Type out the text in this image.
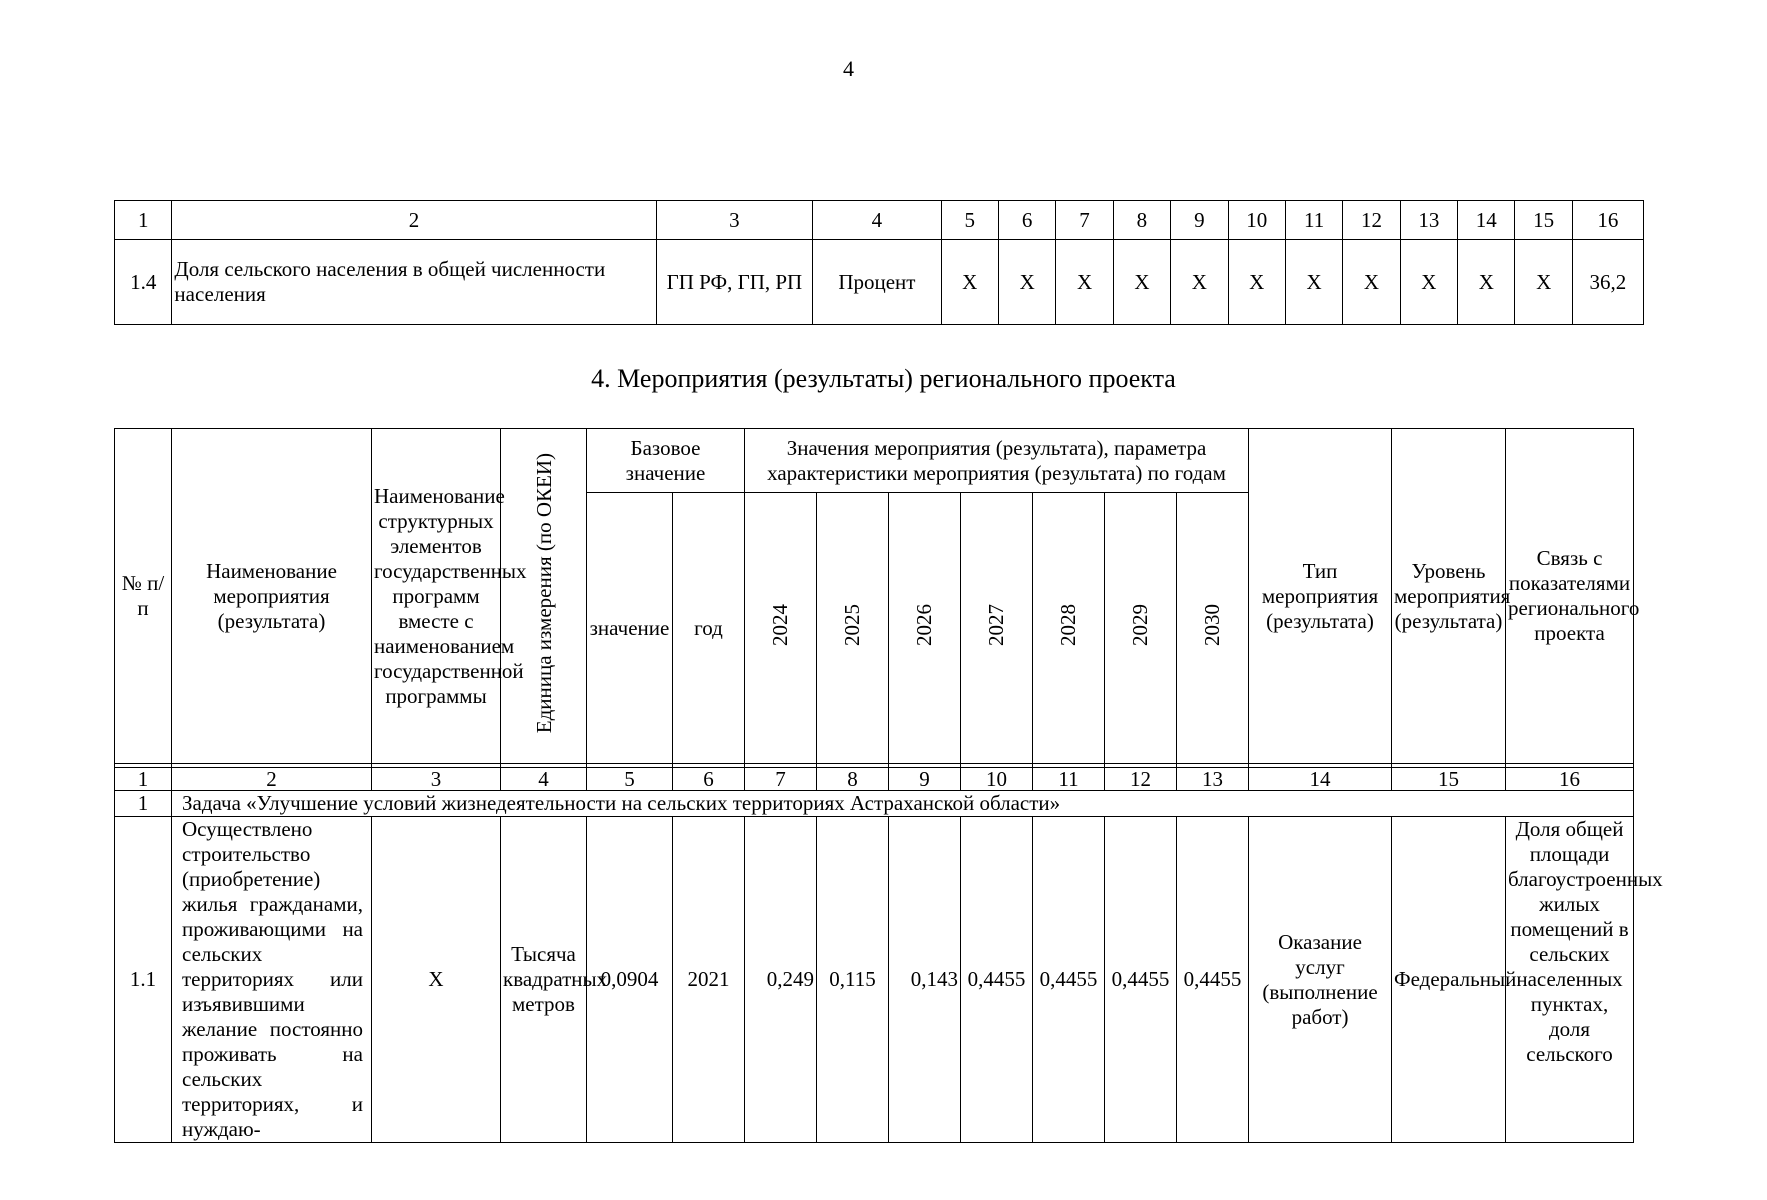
4
1	2	3	4	5	6	7	8	9	10	11	12	13	14	15	16
1.4	Доля сельского населения в общей численности населения	ГП РФ, ГП, РП	Процент	X	X	X	X	X	X	X	X	X	X	X	36,2
4. Мероприятия (результаты) регионального проекта
№ п/п	Наименование мероприятия (результата)	Наименование структурных элементов государственных программ вместе с наименованием государственной программы	Единица измерения (по ОКЕИ)	Базовое значение		Значения мероприятия (результата), параметра характеристики мероприятия (результата) по годам							Тип мероприятия (результата)	Уровень мероприятия (результата)	Связь с показателями регионального проекта
				значение	год	2024	2025	2026	2027	2028	2029	2030			

1	2	3	4	5	6	7	8	9	10	11	12	13	14	15	16
1	Задача «Улучшение условий жизнедеятельности на сельских территориях Астраханской области»														
1.1	Осуществлено строительство (приобретение) жилья гражданами, проживающими на сельских территориях или изъявившими желание постоянно проживать на сельских территориях, и нуждаю-	X	Тысяча квадратных метров	0,0904	2021	0,249	0,115	0,143	0,4455	0,4455	0,4455	0,4455	Оказание услуг (выполнение работ)	Федеральный	Доля общей площади благоустроенных жилых помещений в сельских населенных пунктах, доля сельского
